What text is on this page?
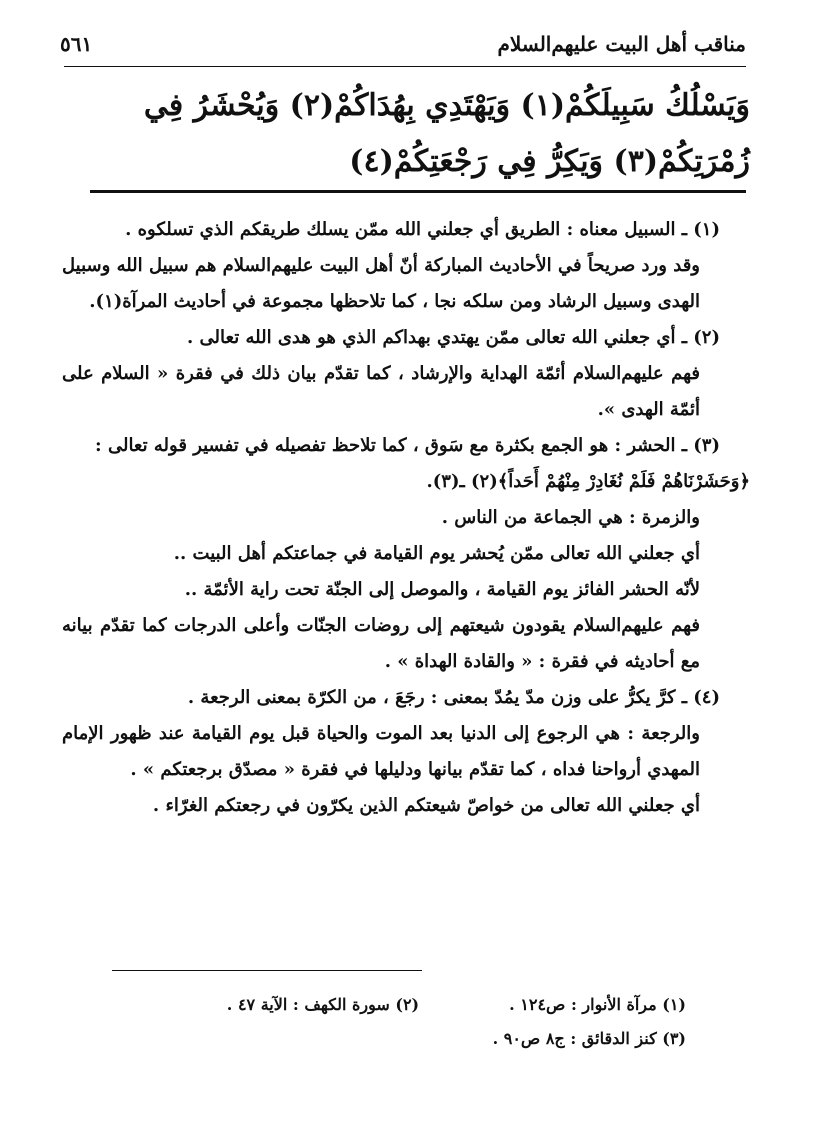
مناقب أهل البيت عليهم‌السلام
٥٦١
وَيَسْلُكُ سَبِيلَكُمْ(١) وَيَهْتَدِي بِهُدَاكُمْ(٢) وَيُحْشَرُ فِي زُمْرَتِكُمْ(٣) وَيَكِرُّ فِي رَجْعَتِكُمْ(٤)

(١) ـ السبيل معناه : الطريق أي جعلني الله ممّن يسلك طريقكم الذي تسلكوه .

وقد ورد صريحاً في الأحاديث المباركة أنّ أهل البيت عليهم‌السلام هم سبيل الله وسبيل الهدى وسبيل الرشاد ومن سلكه نجا ، كما تلاحظها مجموعة في أحاديث المرآة(١).

(٢) ـ أي جعلني الله تعالى ممّن يهتدي بهداكم الذي هو هدى الله تعالى .

فهم عليهم‌السلام أئمّة الهداية والإرشاد ، كما تقدّم بيان ذلك في فقرة « السلام على أئمّة الهدى ».

(٣) ـ الحشر : هو الجمع بكثرة مع سَوق ، كما تلاحظ تفصيله في تفسير قوله تعالى :

﴿وَحَشَرْنَاهُمْ فَلَمْ نُغَادِرْ مِنْهُمْ أَحَداً﴾(٢) ـ(٣).

والزمرة : هي الجماعة من الناس .

أي جعلني الله تعالى ممّن يُحشر يوم القيامة في جماعتكم أهل البيت ..

لأنّه الحشر الفائز يوم القيامة ، والموصل إلى الجنّة تحت راية الأئمّة ..

فهم عليهم‌السلام يقودون شيعتهم إلى روضات الجنّات وأعلى الدرجات كما تقدّم بيانه مع أحاديثه في فقرة : « والقادة الهداة » .

(٤) ـ كرَّ يكرُّ على وزن مدّ يمُدّ بمعنى : رجَعَ ، من الكرّة بمعنى الرجعة .

والرجعة : هي الرجوع إلى الدنيا بعد الموت والحياة قبل يوم القيامة عند ظهور الإمام المهدي أرواحنا فداه ، كما تقدّم بيانها ودليلها في فقرة « مصدّق برجعتكم » .

أي جعلني الله تعالى من خواصّ شيعتكم الذين يكرّون في رجعتكم الغرّاء .

(١) مرآة الأنوار : ص١٢٤ .
(٢) سورة الكهف : الآية ٤٧ .
(٣) كنز الدقائق : ج٨ ص٩٠ .
